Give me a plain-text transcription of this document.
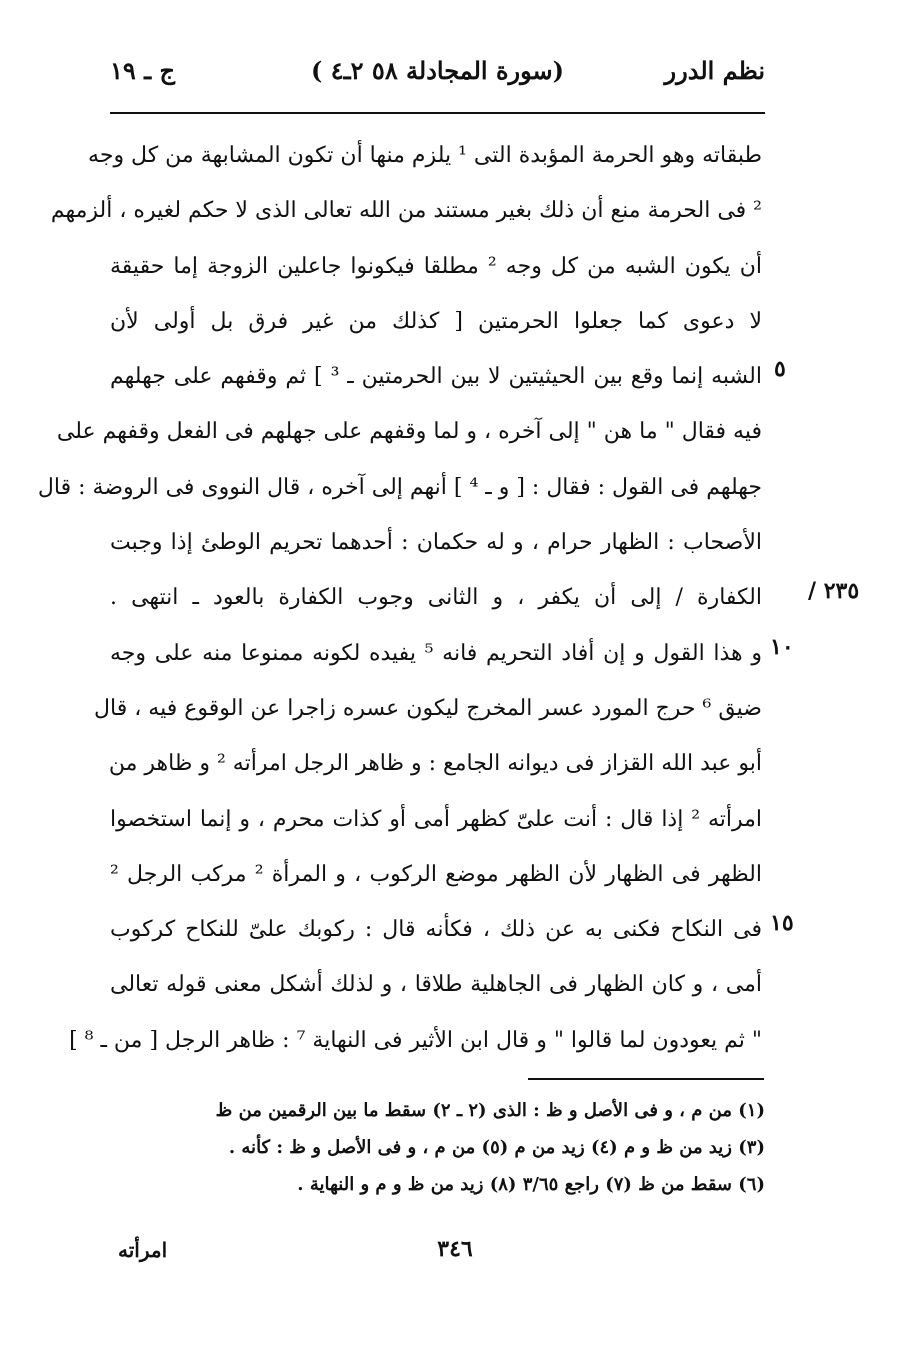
نظم الدرر
(سورة المجادلة ٥٨ ٢ـ٤ )
ج ـ ١٩
طبقاته وهو الحرمة المؤبدة التى ¹ يلزم منها أن تكون المشابهة من كل وجه
² فى الحرمة منع أن ذلك بغير مستند من الله تعالى الذى لا حكم لغيره ، ألزمهم
أن يكون الشبه من كل وجه ² مطلقا فيكونوا جاعلين الزوجة إما حقيقة
لا دعوى كما جعلوا الحرمتين [ كذلك من غير فرق بل أولى لأن
الشبه إنما وقع بين الحيثيتين لا بين الحرمتين ـ ³ ] ثم وقفهم على جهلهم
فيه فقال " ما هن " إلى آخره ، و لما وقفهم على جهلهم فى الفعل وقفهم على
جهلهم فى القول : فقال : [ و ـ ⁴ ] أنهم إلى آخره ، قال النووى فى الروضة : قال
الأصحاب : الظهار حرام ، و له حكمان : أحدهما تحريم الوطئ إذا وجبت
الكفارة / إلى أن يكفر ، و الثانى وجوب الكفارة بالعود ـ انتهى .
و هذا القول و إن أفاد التحريم فانه ⁵ يفيده لكونه ممنوعا منه على وجه
ضيق ⁶ حرج المورد عسر المخرج ليكون عسره زاجرا عن الوقوع فيه ، قال
أبو عبد الله القزاز فى ديوانه الجامع : و ظاهر الرجل امرأته ² و ظاهر من
امرأته ² إذا قال : أنت علىّ كظهر أمى أو كذات محرم ، و إنما استخصوا
الظهر فى الظهار لأن الظهر موضع الركوب ، و المرأة ² مركب الرجل ²
فى النكاح فكنى به عن ذلك ، فكأنه قال : ركوبك علىّ للنكاح كركوب
أمى ، و كان الظهار فى الجاهلية طلاقا ، و لذلك أشكل معنى قوله تعالى
" ثم يعودون لما قالوا " و قال ابن الأثير فى النهاية ⁷ : ظاهر الرجل [ من ـ ⁸ ]
٥
١٠
١٥
٢٣٥ /
(١) من م ، و فى الأصل و ظ : الذى (٢ ـ ٢) سقط ما بين الرقمين من ظ
(٣) زيد من ظ و م (٤) زيد من م (٥) من م ، و فى الأصل و ظ : كأنه .
(٦) سقط من ظ (٧) راجع ٣/٦٥ (٨) زيد من ظ و م و النهاية .
٣٤٦
امرأته
